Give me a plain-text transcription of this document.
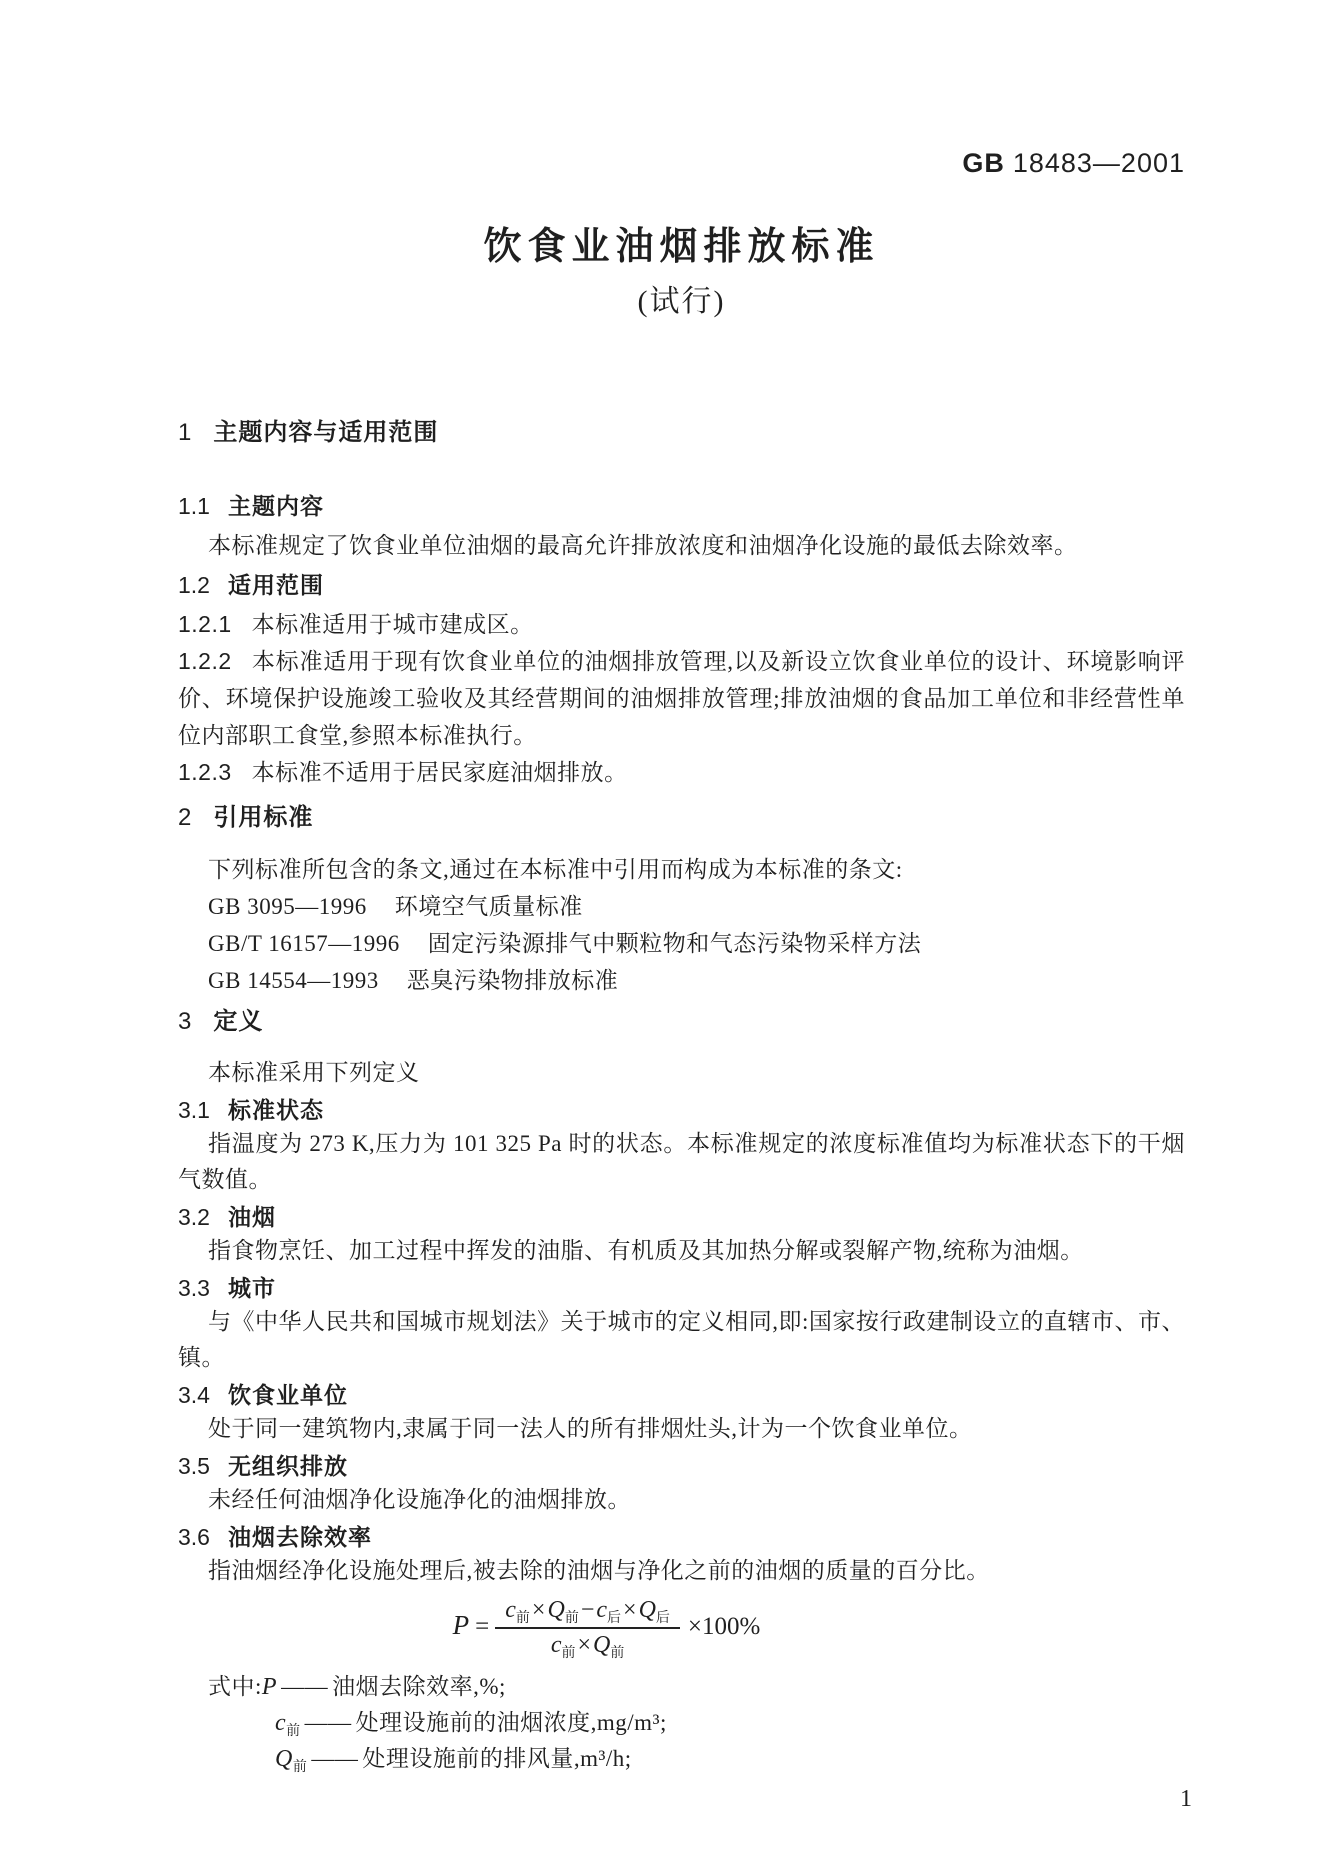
GB 18483—2001
饮食业油烟排放标准
(试行)
1 主题内容与适用范围
1.1 主题内容

本标准规定了饮食业单位油烟的最高允许排放浓度和油烟净化设施的最低去除效率。

1.2 适用范围

1.2.1 本标准适用于城市建成区。

1.2.2 本标准适用于现有饮食业单位的油烟排放管理,以及新设立饮食业单位的设计、环境影响评价、环境保护设施竣工验收及其经营期间的油烟排放管理;排放油烟的食品加工单位和非经营性单位内部职工食堂,参照本标准执行。

1.2.3 本标准不适用于居民家庭油烟排放。

2 引用标准

下列标准所包含的条文,通过在本标准中引用而构成为本标准的条文:

GB 3095—1996 环境空气质量标准

GB/T 16157—1996 固定污染源排气中颗粒物和气态污染物采样方法

GB 14554—1993 恶臭污染物排放标准

3 定义

本标准采用下列定义

3.1 标准状态

指温度为 273 K,压力为 101 325 Pa 时的状态。本标准规定的浓度标准值均为标准状态下的干烟气数值。

3.2 油烟

指食物烹饪、加工过程中挥发的油脂、有机质及其加热分解或裂解产物,统称为油烟。

3.3 城市

与《中华人民共和国城市规划法》关于城市的定义相同,即:国家按行政建制设立的直辖市、市、镇。

3.4 饮食业单位

处于同一建筑物内,隶属于同一法人的所有排烟灶头,计为一个饮食业单位。

3.5 无组织排放

未经任何油烟净化设施净化的油烟排放。

3.6 油烟去除效率

指油烟经净化设施处理后,被去除的油烟与净化之前的油烟的质量的百分比。

$P = \frac{c_前\times Q_前-c_后\times Q_后}{c_前\times Q_前} \times 100\%$

式中:P —— 油烟去除效率,%;

$c_前$ —— 处理设施前的油烟浓度,mg/m³;

$Q_前$ —— 处理设施前的排风量,m³/h;

1
